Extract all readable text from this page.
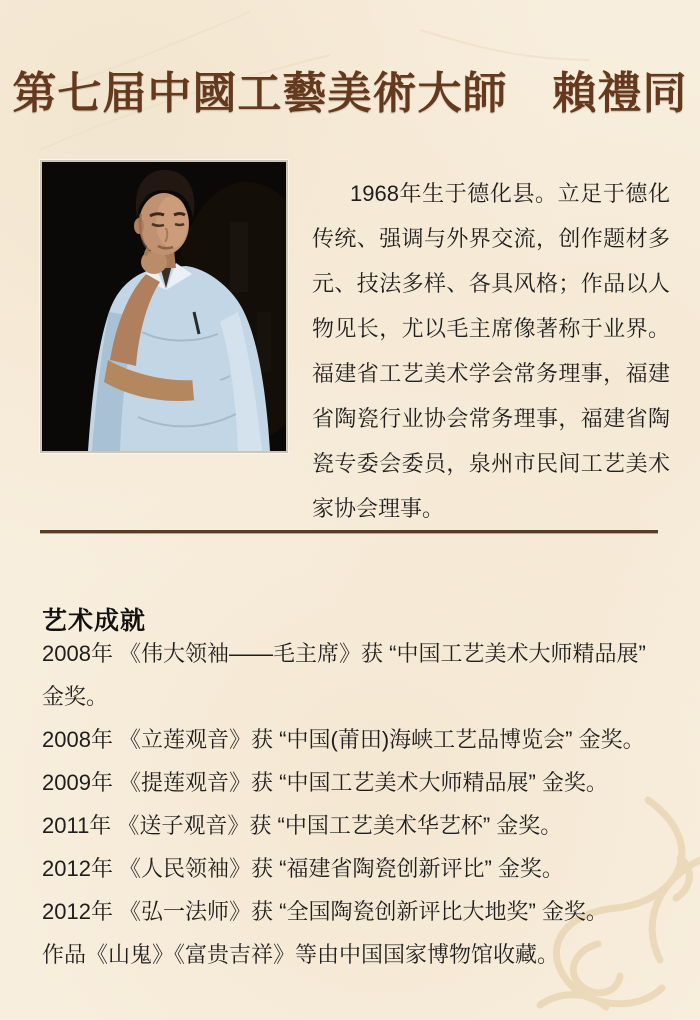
第七届中國工藝美術大師　賴禮同

1968年生于德化县。立足于德化传统、强调与外界交流，创作题材多元、技法多样、各具风格；作品以人物见长，尤以毛主席像著称于业界。福建省工艺美术学会常务理事，福建省陶瓷行业协会常务理事，福建省陶瓷专委会委员，泉州市民间工艺美术家协会理事。

艺术成就
2008年 《伟大领袖——毛主席》获 “中国工艺美术大师精品展” 金奖。
2008年 《立莲观音》获 “中国(莆田)海峡工艺品博览会” 金奖。
2009年 《提莲观音》获 “中国工艺美术大师精品展” 金奖。
2011年 《送子观音》获 “中国工艺美术华艺杯” 金奖。
2012年 《人民领袖》获 “福建省陶瓷创新评比” 金奖。
2012年 《弘一法师》获 “全国陶瓷创新评比大地奖” 金奖。
作品《山鬼》《富贵吉祥》等由中国国家博物馆收藏。
